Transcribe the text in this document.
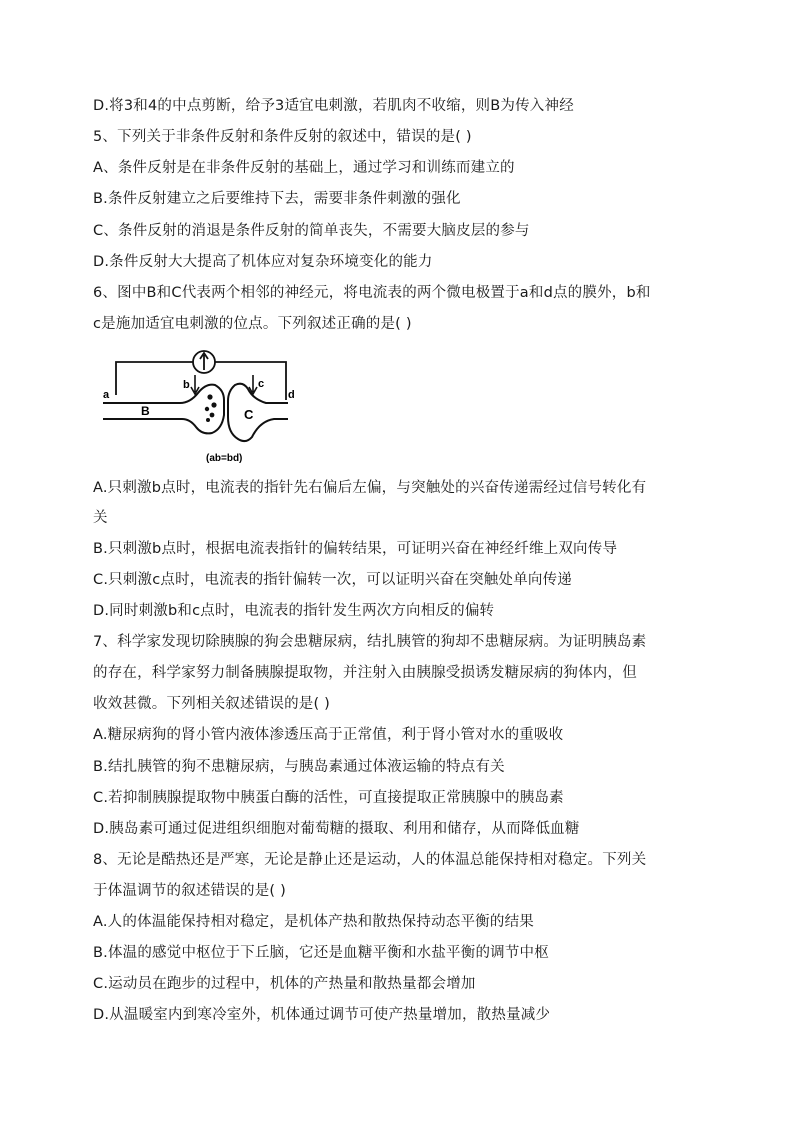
D.将3和4的中点剪断，给予3适宜电刺激，若肌肉不收缩，则B为传入神经
5、下列关于非条件反射和条件反射的叙述中，错误的是( )
A、条件反射是在非条件反射的基础上，通过学习和训练而建立的
B.条件反射建立之后要维持下去，需要非条件刺激的强化
C、条件反射的消退是条件反射的简单丧失，不需要大脑皮层的参与
D.条件反射大大提高了机体应对复杂环境变化的能力
6、图中B和C代表两个相邻的神经元，将电流表的两个微电极置于a和d点的膜外，b和
c是施加适宜电刺激的位点。下列叙述正确的是( )
a
b	c
d
B	C
(ab=bd)
A.只刺激b点时，电流表的指针先右偏后左偏，与突触处的兴奋传递需经过信号转化有
关
B.只刺激b点时，根据电流表指针的偏转结果，可证明兴奋在神经纤维上双向传导
C.只刺激c点时，电流表的指针偏转一次，可以证明兴奋在突触处单向传递
D.同时刺激b和c点时，电流表的指针发生两次方向相反的偏转
7、科学家发现切除胰腺的狗会患糖尿病，结扎胰管的狗却不患糖尿病。为证明胰岛素
的存在，科学家努力制备胰腺提取物，并注射入由胰腺受损诱发糖尿病的狗体内，但
收效甚微。下列相关叙述错误的是( )
A.糖尿病狗的肾小管内液体渗透压高于正常值，利于肾小管对水的重吸收
B.结扎胰管的狗不患糖尿病，与胰岛素通过体液运输的特点有关
C.若抑制胰腺提取物中胰蛋白酶的活性，可直接提取正常胰腺中的胰岛素
D.胰岛素可通过促进组织细胞对葡萄糖的摄取、利用和储存，从而降低血糖
8、无论是酷热还是严寒，无论是静止还是运动，人的体温总能保持相对稳定。下列关
于体温调节的叙述错误的是( )
A.人的体温能保持相对稳定，是机体产热和散热保持动态平衡的结果
B.体温的感觉中枢位于下丘脑，它还是血糖平衡和水盐平衡的调节中枢
C.运动员在跑步的过程中，机体的产热量和散热量都会增加
D.从温暖室内到寒冷室外，机体通过调节可使产热量增加，散热量减少
